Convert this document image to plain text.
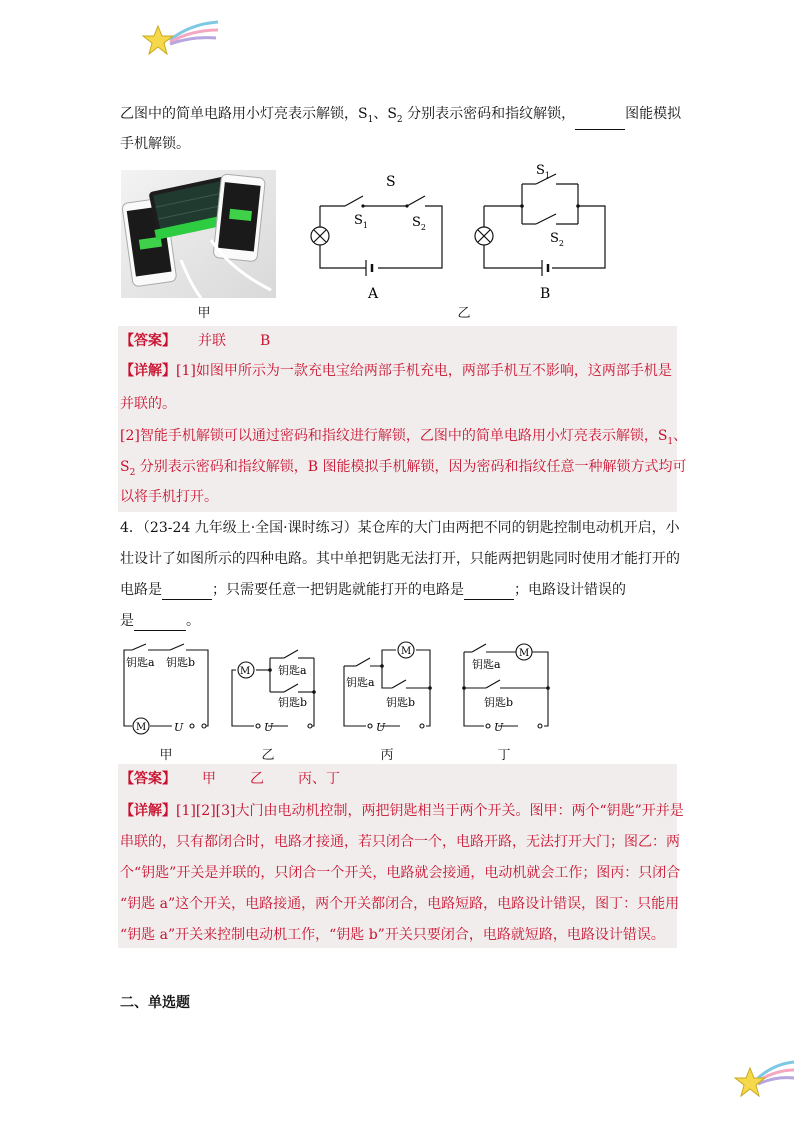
乙图中的简单电路用小灯亮表示解锁，$S_1$、$S_2$ 分别表示密码和指纹解锁，	图能模拟
手机解锁。
S
$S_1$	$S_2$
A
$S_1$
$S_2$
B
甲	乙
【答案】 并联 B
【详解】[1]如图甲所示为一款充电宝给两部手机充电，两部手机互不影响，这两部手机是
并联的。
[2]智能手机解锁可以通过密码和指纹进行解锁，乙图中的简单电路用小灯亮表示解锁，$S_1$、
$S_2$ 分别表示密码和指纹解锁，B 图能模拟手机解锁，因为密码和指纹任意一种解锁方式均可
以将手机打开。
4．（23-24 九年级上·全国·课时练习）某仓库的大门由两把不同的钥匙控制电动机开启，小
壮设计了如图所示的四种电路。其中单把钥匙无法打开，只能两把钥匙同时使用才能打开的
电路是	；只需要任意一把钥匙就能打开的电路是	；电路设计错误的
是	。
钥匙a 钥匙b
M	U
甲
M	钥匙a
钥匙b
U
乙
M
钥匙a
钥匙b
U
丙
M
钥匙a
钥匙b
U
丁
【答案】 甲 乙 丙、丁
【详解】[1][2][3]大门由电动机控制，两把钥匙相当于两个开关。图甲：两个“钥匙”开并是
串联的，只有都闭合时，电路才接通，若只闭合一个，电路开路，无法打开大门；图乙：两
个“钥匙”开关是并联的，只闭合一个开关，电路就会接通，电动机就会工作；图丙：只闭合
“钥匙 a”这个开关，电路接通，两个开关都闭合，电路短路，电路设计错误，图丁：只能用
“钥匙 a”开关来控制电动机工作，“钥匙 b”开关只要闭合，电路就短路，电路设计错误。
二、单选题
